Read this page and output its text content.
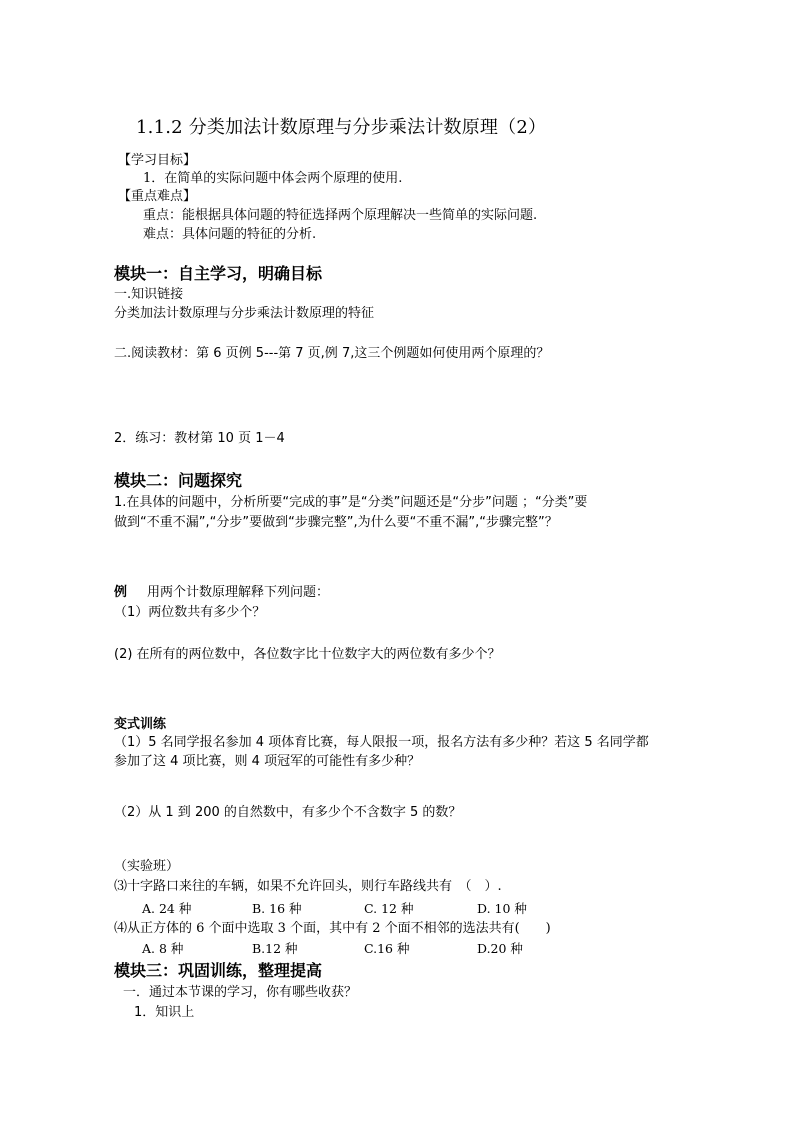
1.1.2 分类加法计数原理与分步乘法计数原理（2）
【学习目标】
1．在简单的实际问题中体会两个原理的使用.
【重点难点】
重点：能根据具体问题的特征选择两个原理解决一些简单的实际问题.
难点：具体问题的特征的分析.
模块一：自主学习，明确目标
一.知识链接
分类加法计数原理与分步乘法计数原理的特征
二.阅读教材：第 6 页例 5---第 7 页,例 7,这三个例题如何使用两个原理的？
2．练习：教材第 10 页 1－4
模块二：问题探究
1.在具体的问题中，分析所要“完成的事”是“分类”问题还是“分步”问题 ；“分类”要
做到“不重不漏”,“分步”要做到“步骤完整”,为什么要“不重不漏”,“步骤完整”？
例 用两个计数原理解释下列问题：
（1）两位数共有多少个？
(2) 在所有的两位数中，各位数字比十位数字大的两位数有多少个？
变式训练
（1）5 名同学报名参加 4 项体育比赛，每人限报一项，报名方法有多少种？若这 5 名同学都
参加了这 4 项比赛，则 4 项冠军的可能性有多少种？
（2）从 1 到 200 的自然数中，有多少个不含数字 5 的数？
（实验班）
⑶十字路口来往的车辆，如果不允许回头，则行车路线共有　（　）.
A. 24 种	B. 16 种	C. 12 种	D. 10 种
⑷从正方体的 6 个面中选取 3 个面，其中有 2 个面不相邻的选法共有(　　)
A. 8 种	B.12 种	C.16 种	D.20 种
模块三：巩固训练，整理提高
一．通过本节课的学习，你有哪些收获？
1．知识上
